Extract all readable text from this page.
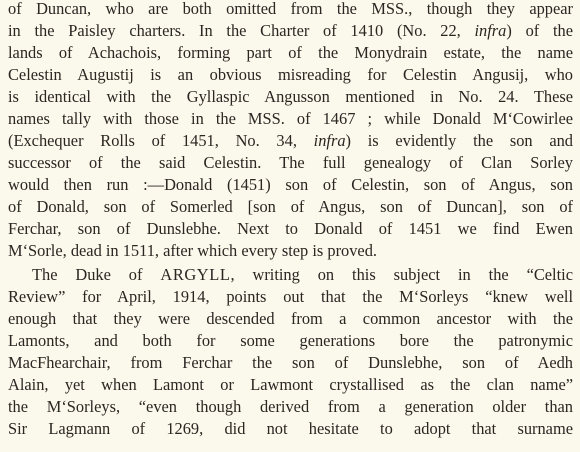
of Duncan, who are both omitted from the MSS., though they appear
in the Paisley charters. In the Charter of 1410 (No. 22, infra) of the
lands of Achachois, forming part of the Monydrain estate, the name
Celestin Augustij is an obvious misreading for Celestin Angusij, who
is identical with the Gyllaspic Angusson mentioned in No. 24. These
names tally with those in the MSS. of 1467 ; while Donald M‘Cowirlee
(Exchequer Rolls of 1451, No. 34, infra) is evidently the son and
successor of the said Celestin. The full genealogy of Clan Sorley
would then run :—Donald (1451) son of Celestin, son of Angus, son
of Donald, son of Somerled [son of Angus, son of Duncan], son of
Ferchar, son of Dunslebhe. Next to Donald of 1451 we find Ewen
M‘Sorle, dead in 1511, after which every step is proved.
The Duke of ARGYLL, writing on this subject in the “Celtic
Review” for April, 1914, points out that the M‘Sorleys “knew well
enough that they were descended from a common ancestor with the
Lamonts, and both for some generations bore the patronymic
MacFhearchair, from Ferchar the son of Dunslebhe, son of Aedh
Alain, yet when Lamont or Lawmont crystallised as the clan name”
the M‘Sorleys, “even though derived from a generation older than
Sir Lagmann of 1269, did not hesitate to adopt that surname
